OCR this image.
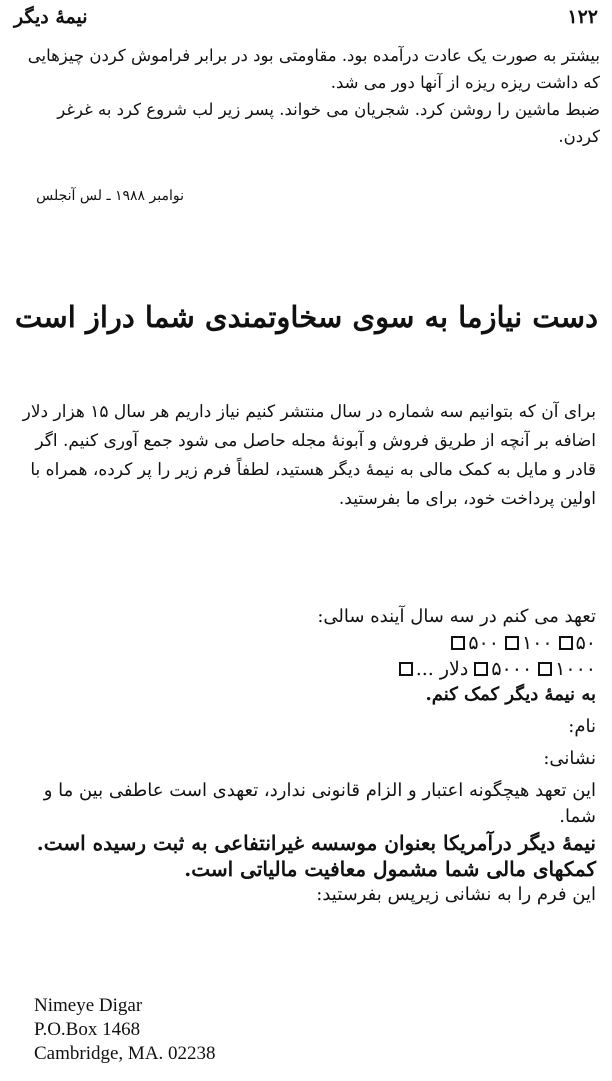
نیمهٔ دیگر	۱۲۲

بیشتر به صورت یک عادت درآمده بود. مقاومتی بود در برابر فراموش کردن چیزهایی

که داشت ریزه ریزه از آنها دور می شد.

ضبط ماشین را روشن کرد. شجریان می خواند. پسر زیر لب شروع کرد به غرغر

کردن.

نوامبر ۱۹۸۸ ـ لس آنجلس
دست نیازما به سوی سخاوتمندی شما دراز است

برای آن که بتوانیم سه شماره در سال منتشر کنیم نیاز داریم هر سال ۱۵ هزار دلار

اضافه بر آنچه از طریق فروش و آبونهٔ مجله حاصل می شود جمع آوری کنیم. اگر

قادر و مایل به کمک مالی به نیمهٔ دیگر هستید، لطفاً فرم زیر را پر کرده، همراه با

اولین پرداخت خود، برای ما بفرستید.

تعهد می کنم در سه سال آینده سالی:
۵۰
۱۰۰
۵۰۰
۱۰۰۰
۵۰۰۰
... دلار
به نیمهٔ دیگر کمک کنم.
نام:
نشانی:
این تعهد هیچگونه اعتبار و الزام قانونی ندارد، تعهدی است عاطفی بین ما و
شما.
نیمهٔ دیگر درآمریکا بعنوان موسسه غیرانتفاعی به ثبت رسیده است.
کمکهای مالی شما مشمول معافیت مالیاتی است.
این فرم را به نشانی زیرپس بفرستید:
Nimeye Digar
P.O.Box 1468
Cambridge, MA. 02238
